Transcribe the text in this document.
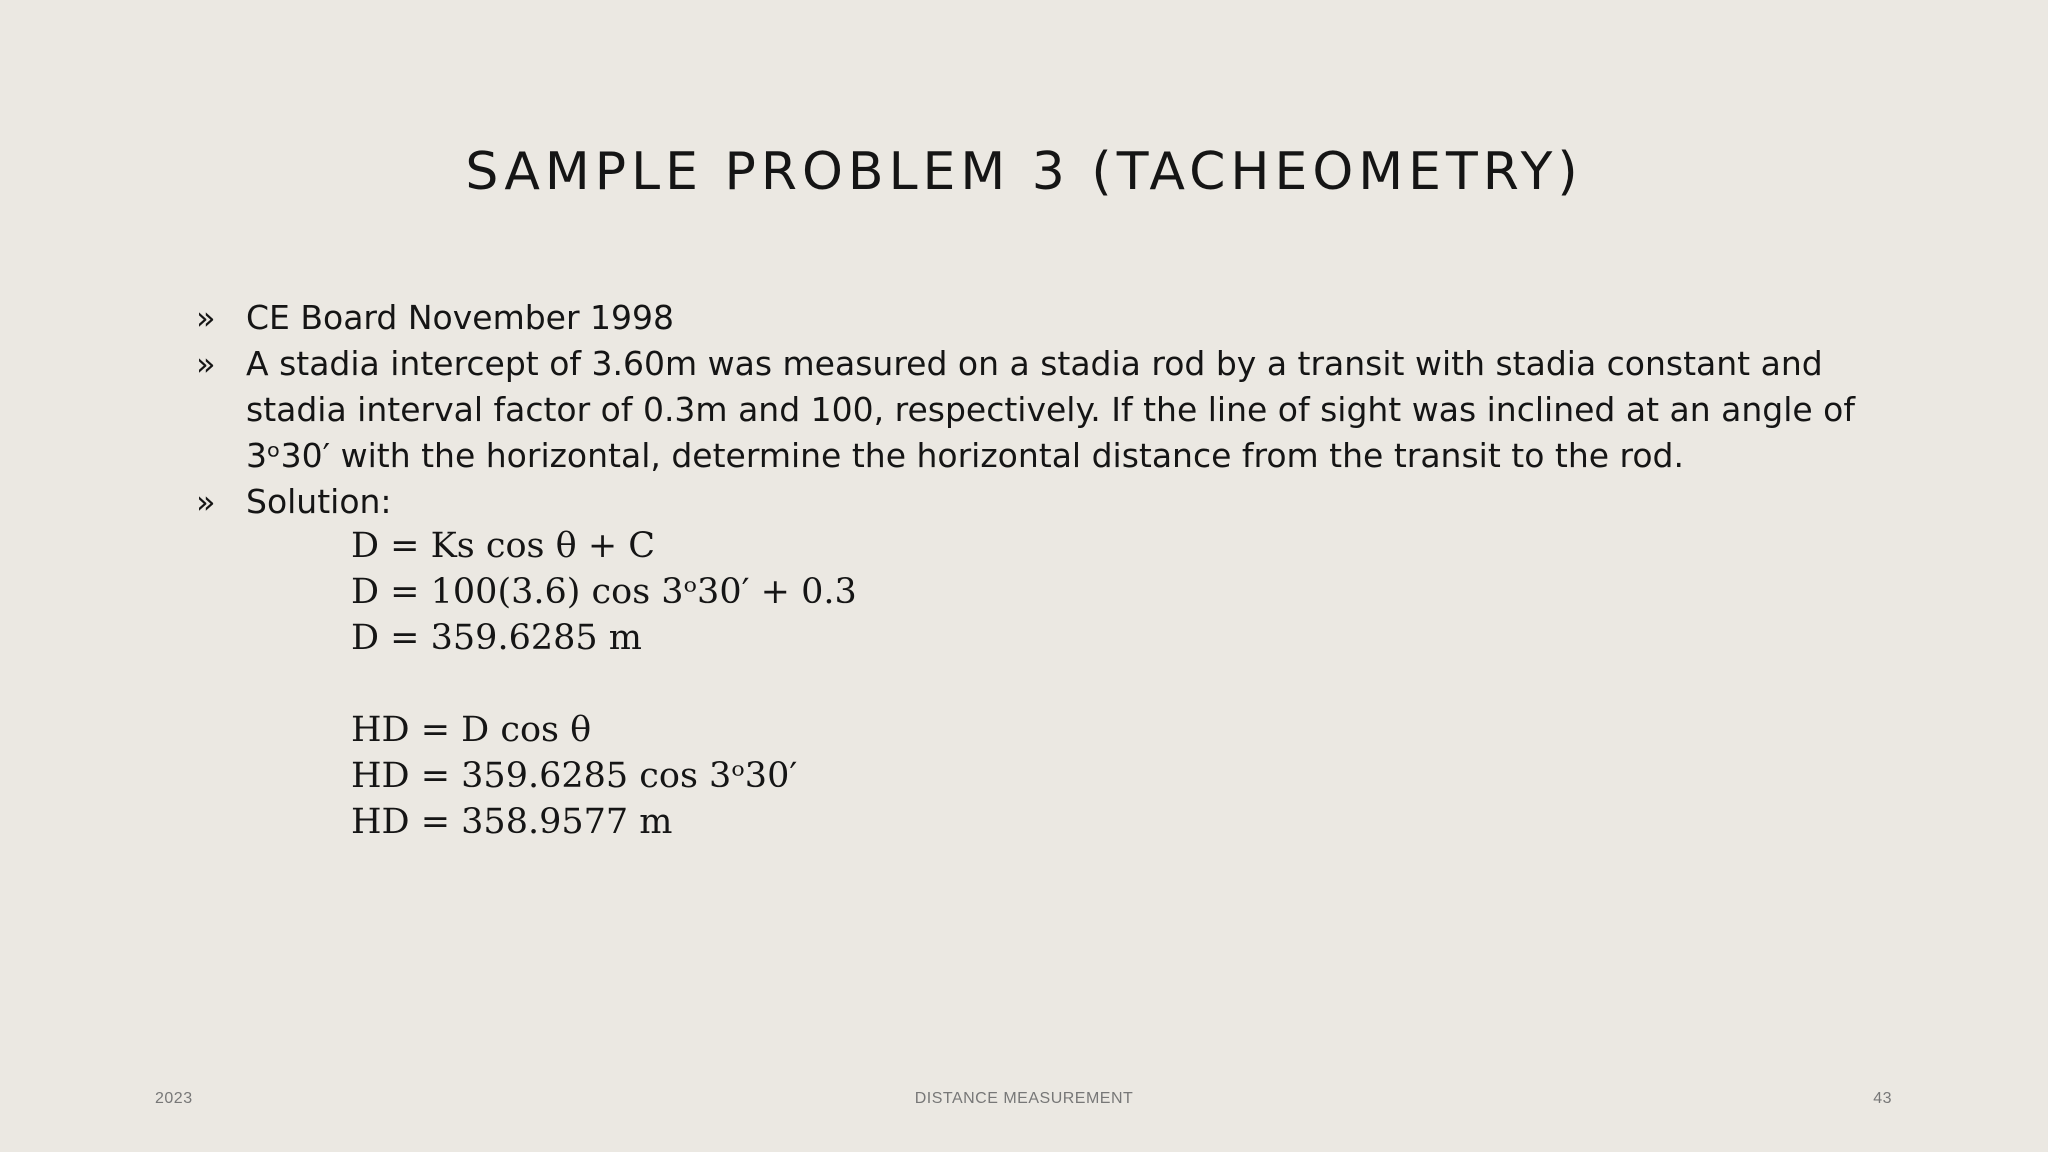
SAMPLE PROBLEM 3 (TACHEOMETRY)
» CE Board November 1998
» A stadia intercept of 3.60m was measured on a stadia rod by a transit with stadia constant and stadia interval factor of 0.3m and 100, respectively. If the line of sight was inclined at an angle of 3ᵒ30′ with the horizontal, determine the horizontal distance from the transit to the rod.
» Solution:
D = Ks cos θ + C
D = 100(3.6) cos 3ᵒ30′ + 0.3
D = 359.6285 m
HD = D cos θ
HD = 359.6285 cos 3ᵒ30′
HD = 358.9577 m
2023	DISTANCE MEASUREMENT	43
